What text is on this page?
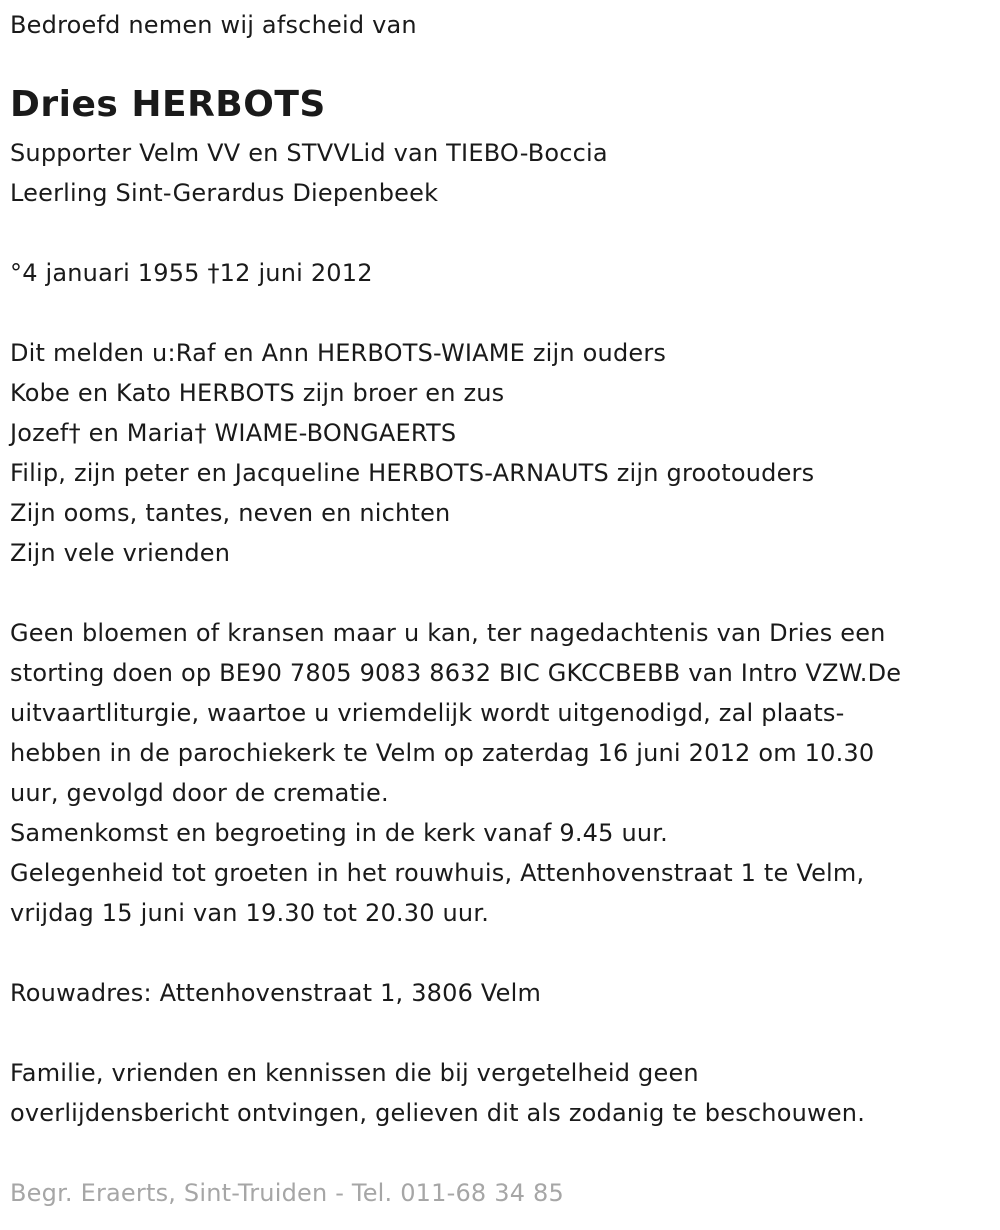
Bedroefd nemen wij afscheid van
Dries HERBOTS
Supporter Velm VV en STVVLid van TIEBO-Boccia
Leerling Sint-Gerardus Diepenbeek
°4 januari 1955 †12 juni 2012
Dit melden u:Raf en Ann HERBOTS-WIAME zijn ouders
Kobe en Kato HERBOTS zijn broer en zus
Jozef† en Maria† WIAME-BONGAERTS
Filip, zijn peter en Jacqueline HERBOTS-ARNAUTS zijn grootouders
Zijn ooms, tantes, neven en nichten
Zijn vele vrienden
Geen bloemen of kransen maar u kan, ter nagedachtenis van Dries een
storting doen op BE90 7805 9083 8632 BIC GKCCBEBB van Intro VZW.De
uitvaartliturgie, waartoe u vriemdelijk wordt uitgenodigd, zal plaats-
hebben in de parochiekerk te Velm op zaterdag 16 juni 2012 om 10.30
uur, gevolgd door de crematie.
Samenkomst en begroeting in de kerk vanaf 9.45 uur.
Gelegenheid tot groeten in het rouwhuis, Attenhovenstraat 1 te Velm,
vrijdag 15 juni van 19.30 tot 20.30 uur.
Rouwadres: Attenhovenstraat 1, 3806 Velm
Familie, vrienden en kennissen die bij vergetelheid geen
overlijdensbericht ontvingen, gelieven dit als zodanig te beschouwen.
Begr. Eraerts, Sint-Truiden - Tel. 011-68 34 85
